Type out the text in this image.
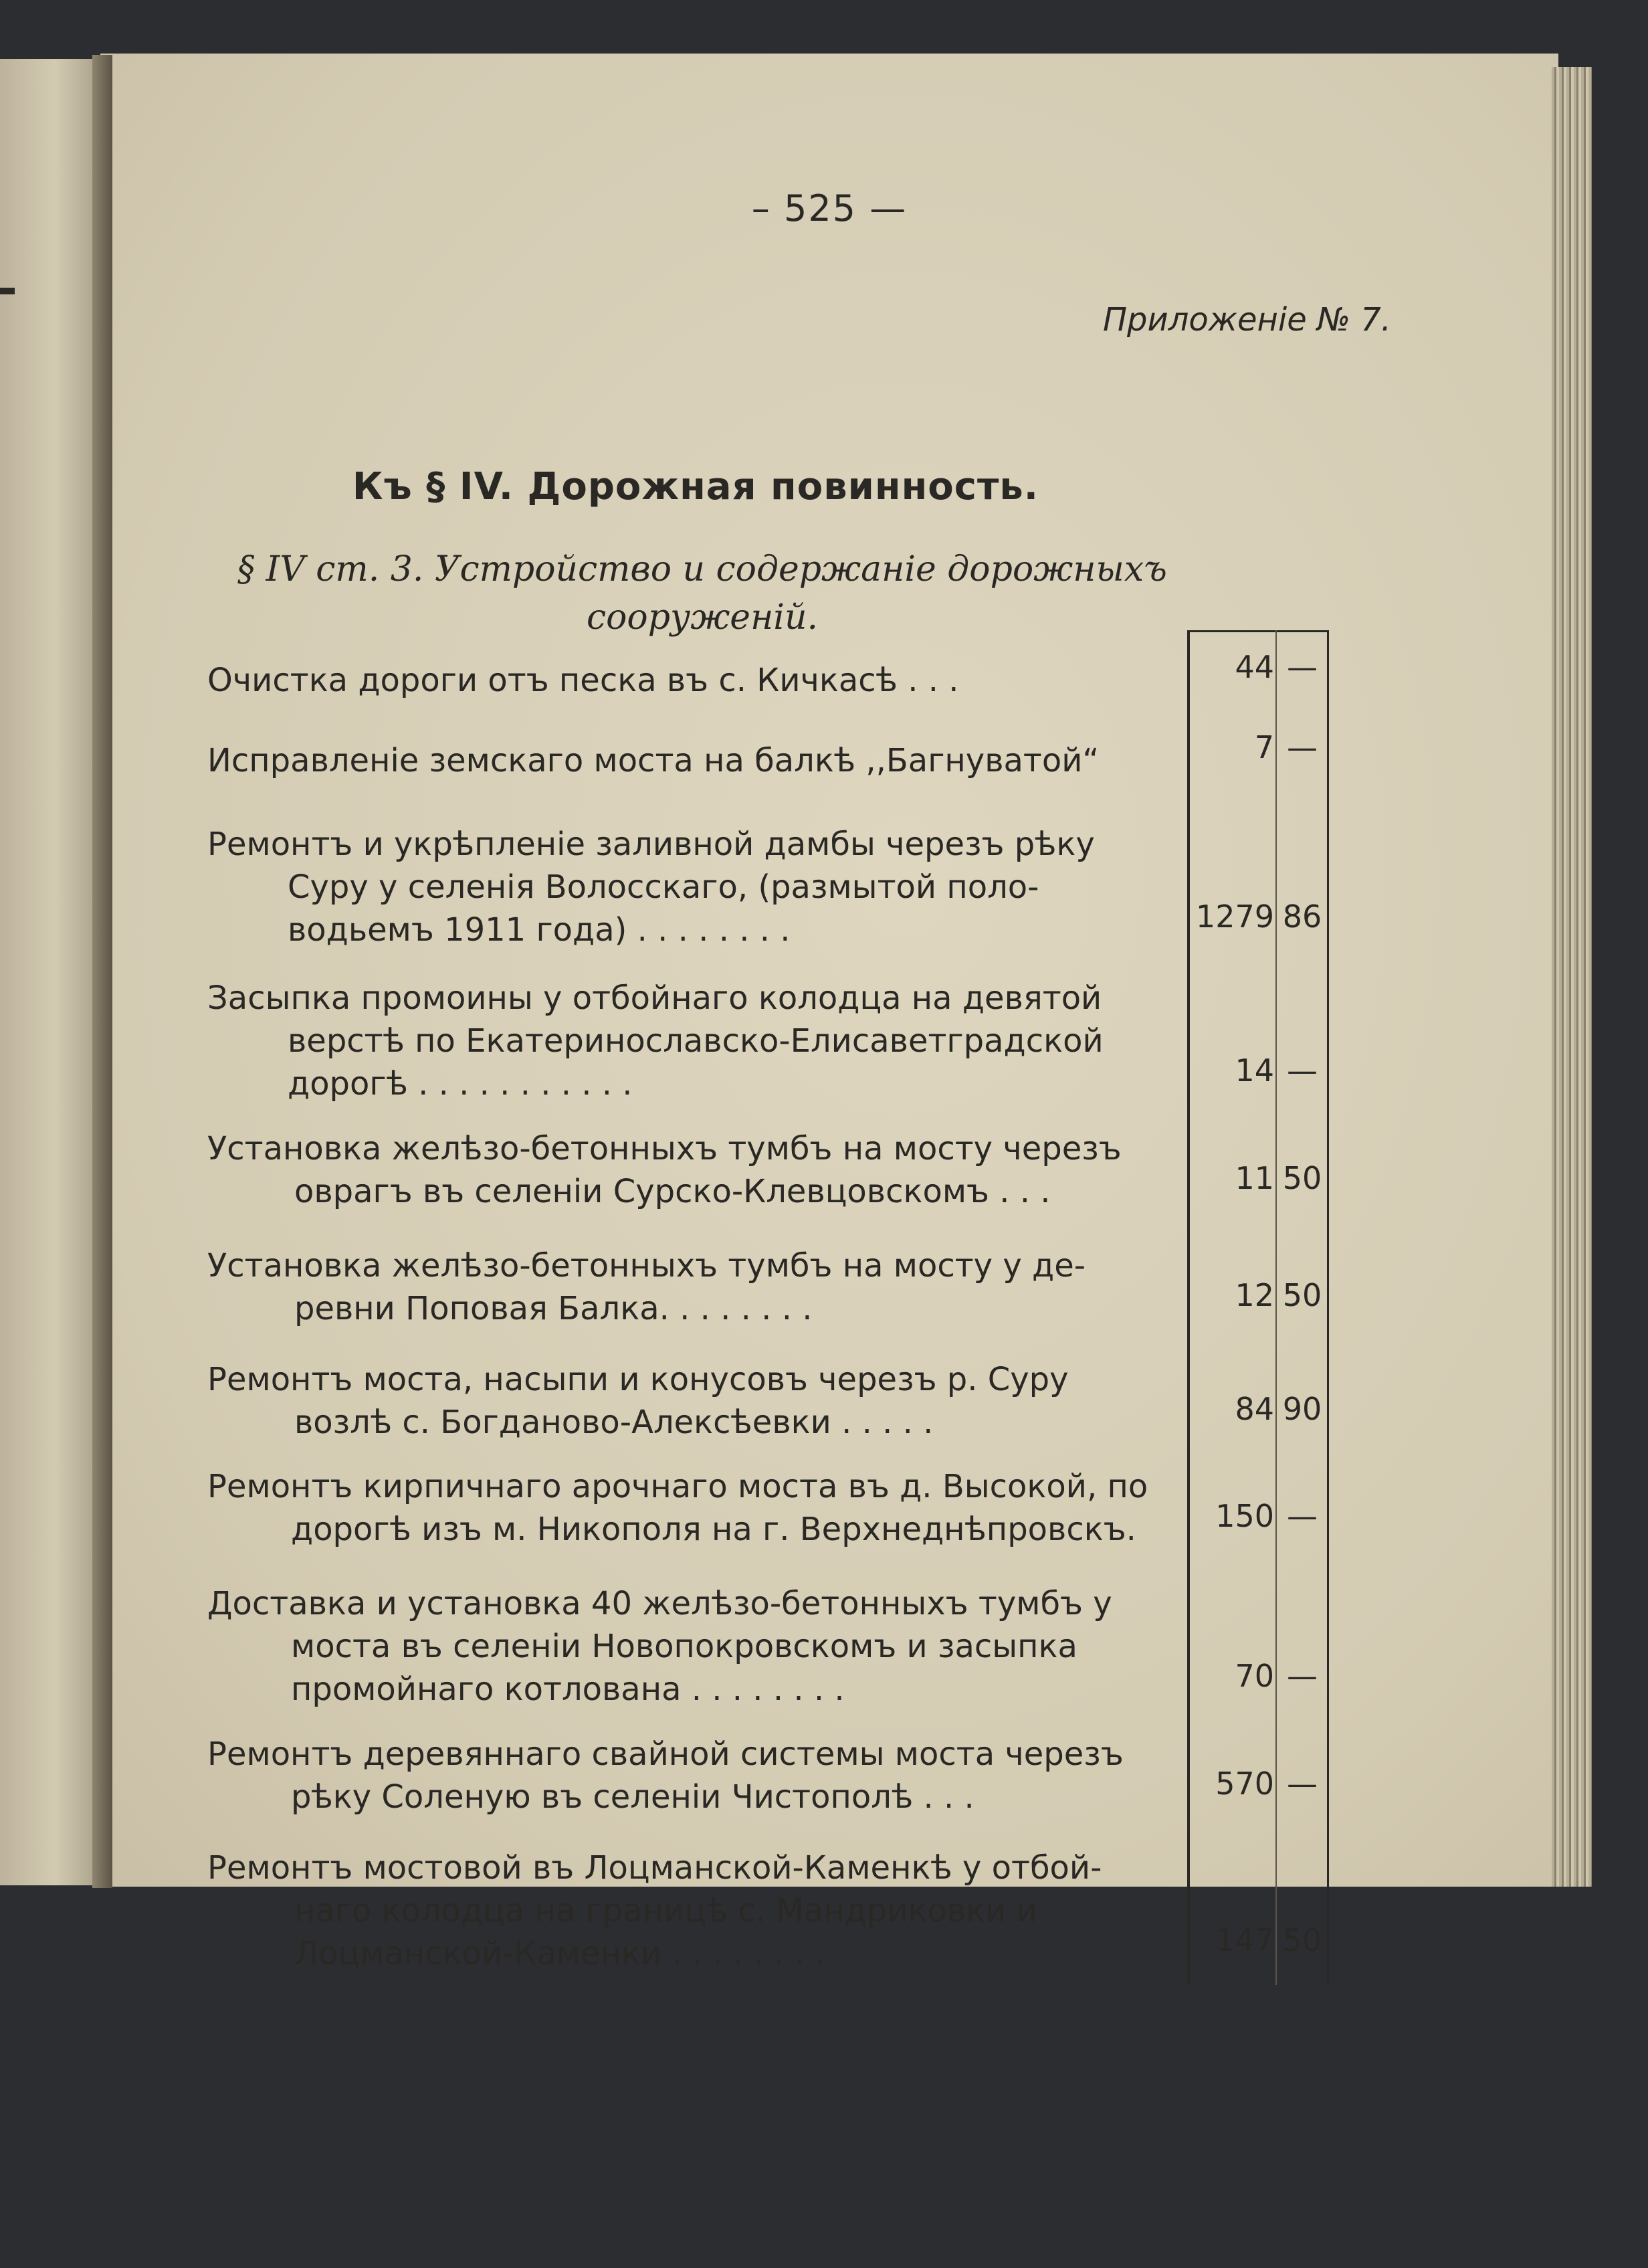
– 525 —
Приложеніе № 7.
Къ § IV. Дорожная повинность.
§ IV ст. 3. Устройство и содержаніе дорожныхъ сооруженій.
Очистка дороги отъ песка въ с. Кичкасѣ . . .	44 —
Исправленіе земскаго моста на балкѣ ,,Багнуватой“	7 —
Ремонтъ и укрѣпленіе заливной дамбы черезъ рѣку
Суру у селенія Волосскаго, (размытой поло-
водьемъ 1911 года) . . . . . . . .	1279 86
Засыпка промоины у отбойнаго колодца на девятой
верстѣ по Екатеринославско-Елисаветградской
дорогѣ . . . . . . . . . . .	14 —
Установка желѣзо-бетонныхъ тумбъ на мосту черезъ
оврагъ въ селеніи Сурско-Клевцовскомъ . . .	11 50
Установка желѣзо-бетонныхъ тумбъ на мосту у де-
ревни Поповая Балка. . . . . . . .	12 50
Ремонтъ моста, насыпи и конусовъ черезъ р. Суру
возлѣ с. Богданово-Алексѣевки . . . . .	84 90
Ремонтъ кирпичнаго арочнаго моста въ д. Высокой, по
дорогѣ изъ м. Никополя на г. Верхнеднѣпровскъ.	150 —
Доставка и установка 40 желѣзо-бетонныхъ тумбъ у
моста въ селеніи Новопокровскомъ и засыпка
промойнаго котлована . . . . . . . .	70 —
Ремонтъ деревяннаго свайной системы моста черезъ
рѣку Соленую въ селеніи Чистополѣ . . .	570 —
Ремонтъ мостовой въ Лоцманской-Каменкѣ у отбой-
наго колодца на границѣ с. Мандриковки и
Лоцманской-Каменки . . . . . . . .	147 50
